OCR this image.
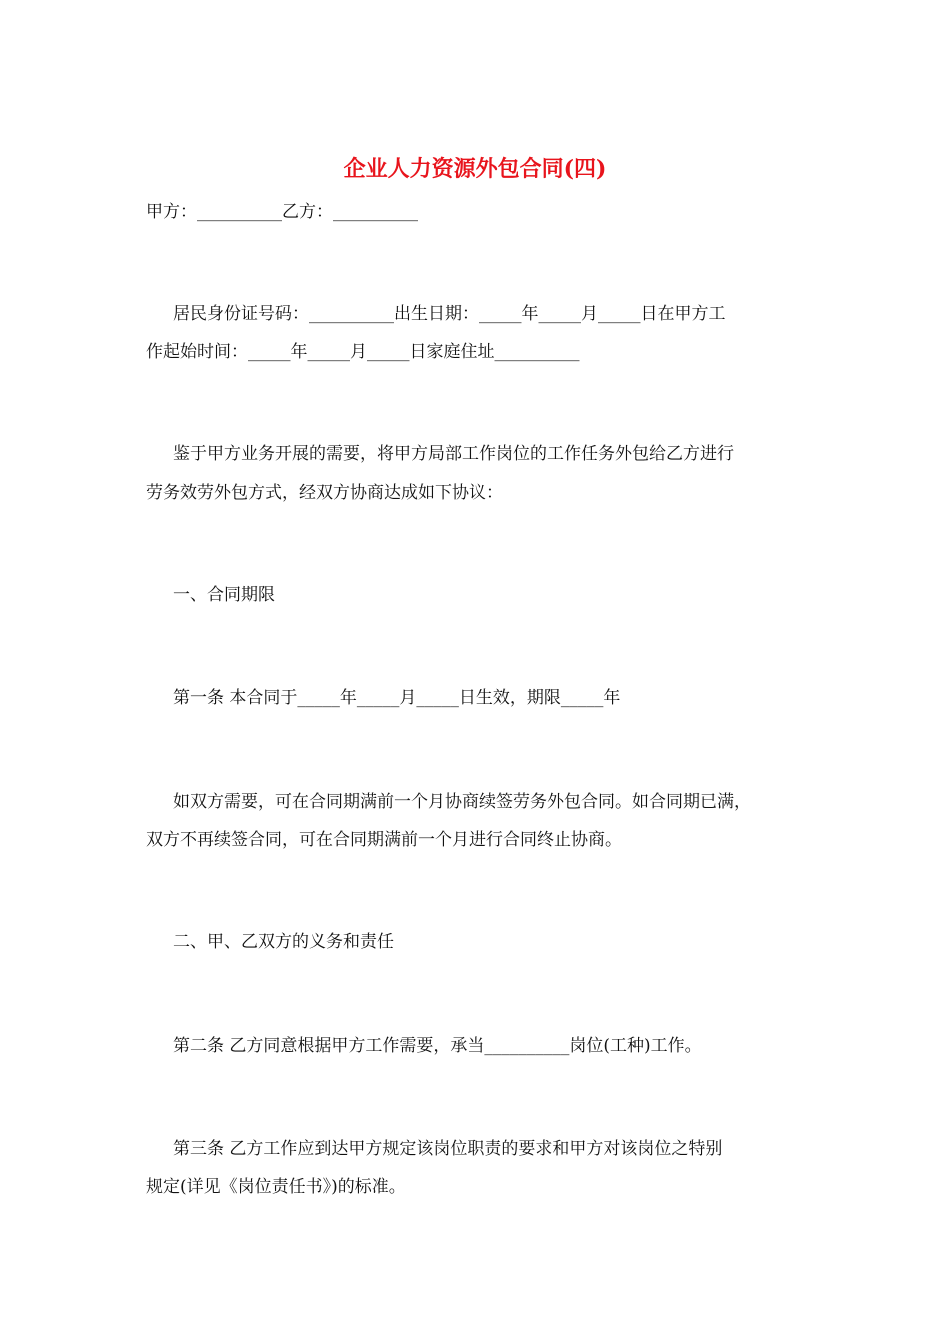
企业人力资源外包合同(四)
甲方：__________乙方：__________
居民身份证号码：__________出生日期：_____年_____月_____日在甲方工
作起始时间：_____年_____月_____日家庭住址__________
鉴于甲方业务开展的需要，将甲方局部工作岗位的工作任务外包给乙方进行
劳务效劳外包方式，经双方协商达成如下协议：
一、合同期限
第一条 本合同于_____年_____月_____日生效，期限_____年
如双方需要，可在合同期满前一个月协商续签劳务外包合同。如合同期已满，
双方不再续签合同，可在合同期满前一个月进行合同终止协商。
二、甲、乙双方的义务和责任
第二条 乙方同意根据甲方工作需要，承当__________岗位(工种)工作。
第三条 乙方工作应到达甲方规定该岗位职责的要求和甲方对该岗位之特别
规定(详见《岗位责任书》)的标准。
